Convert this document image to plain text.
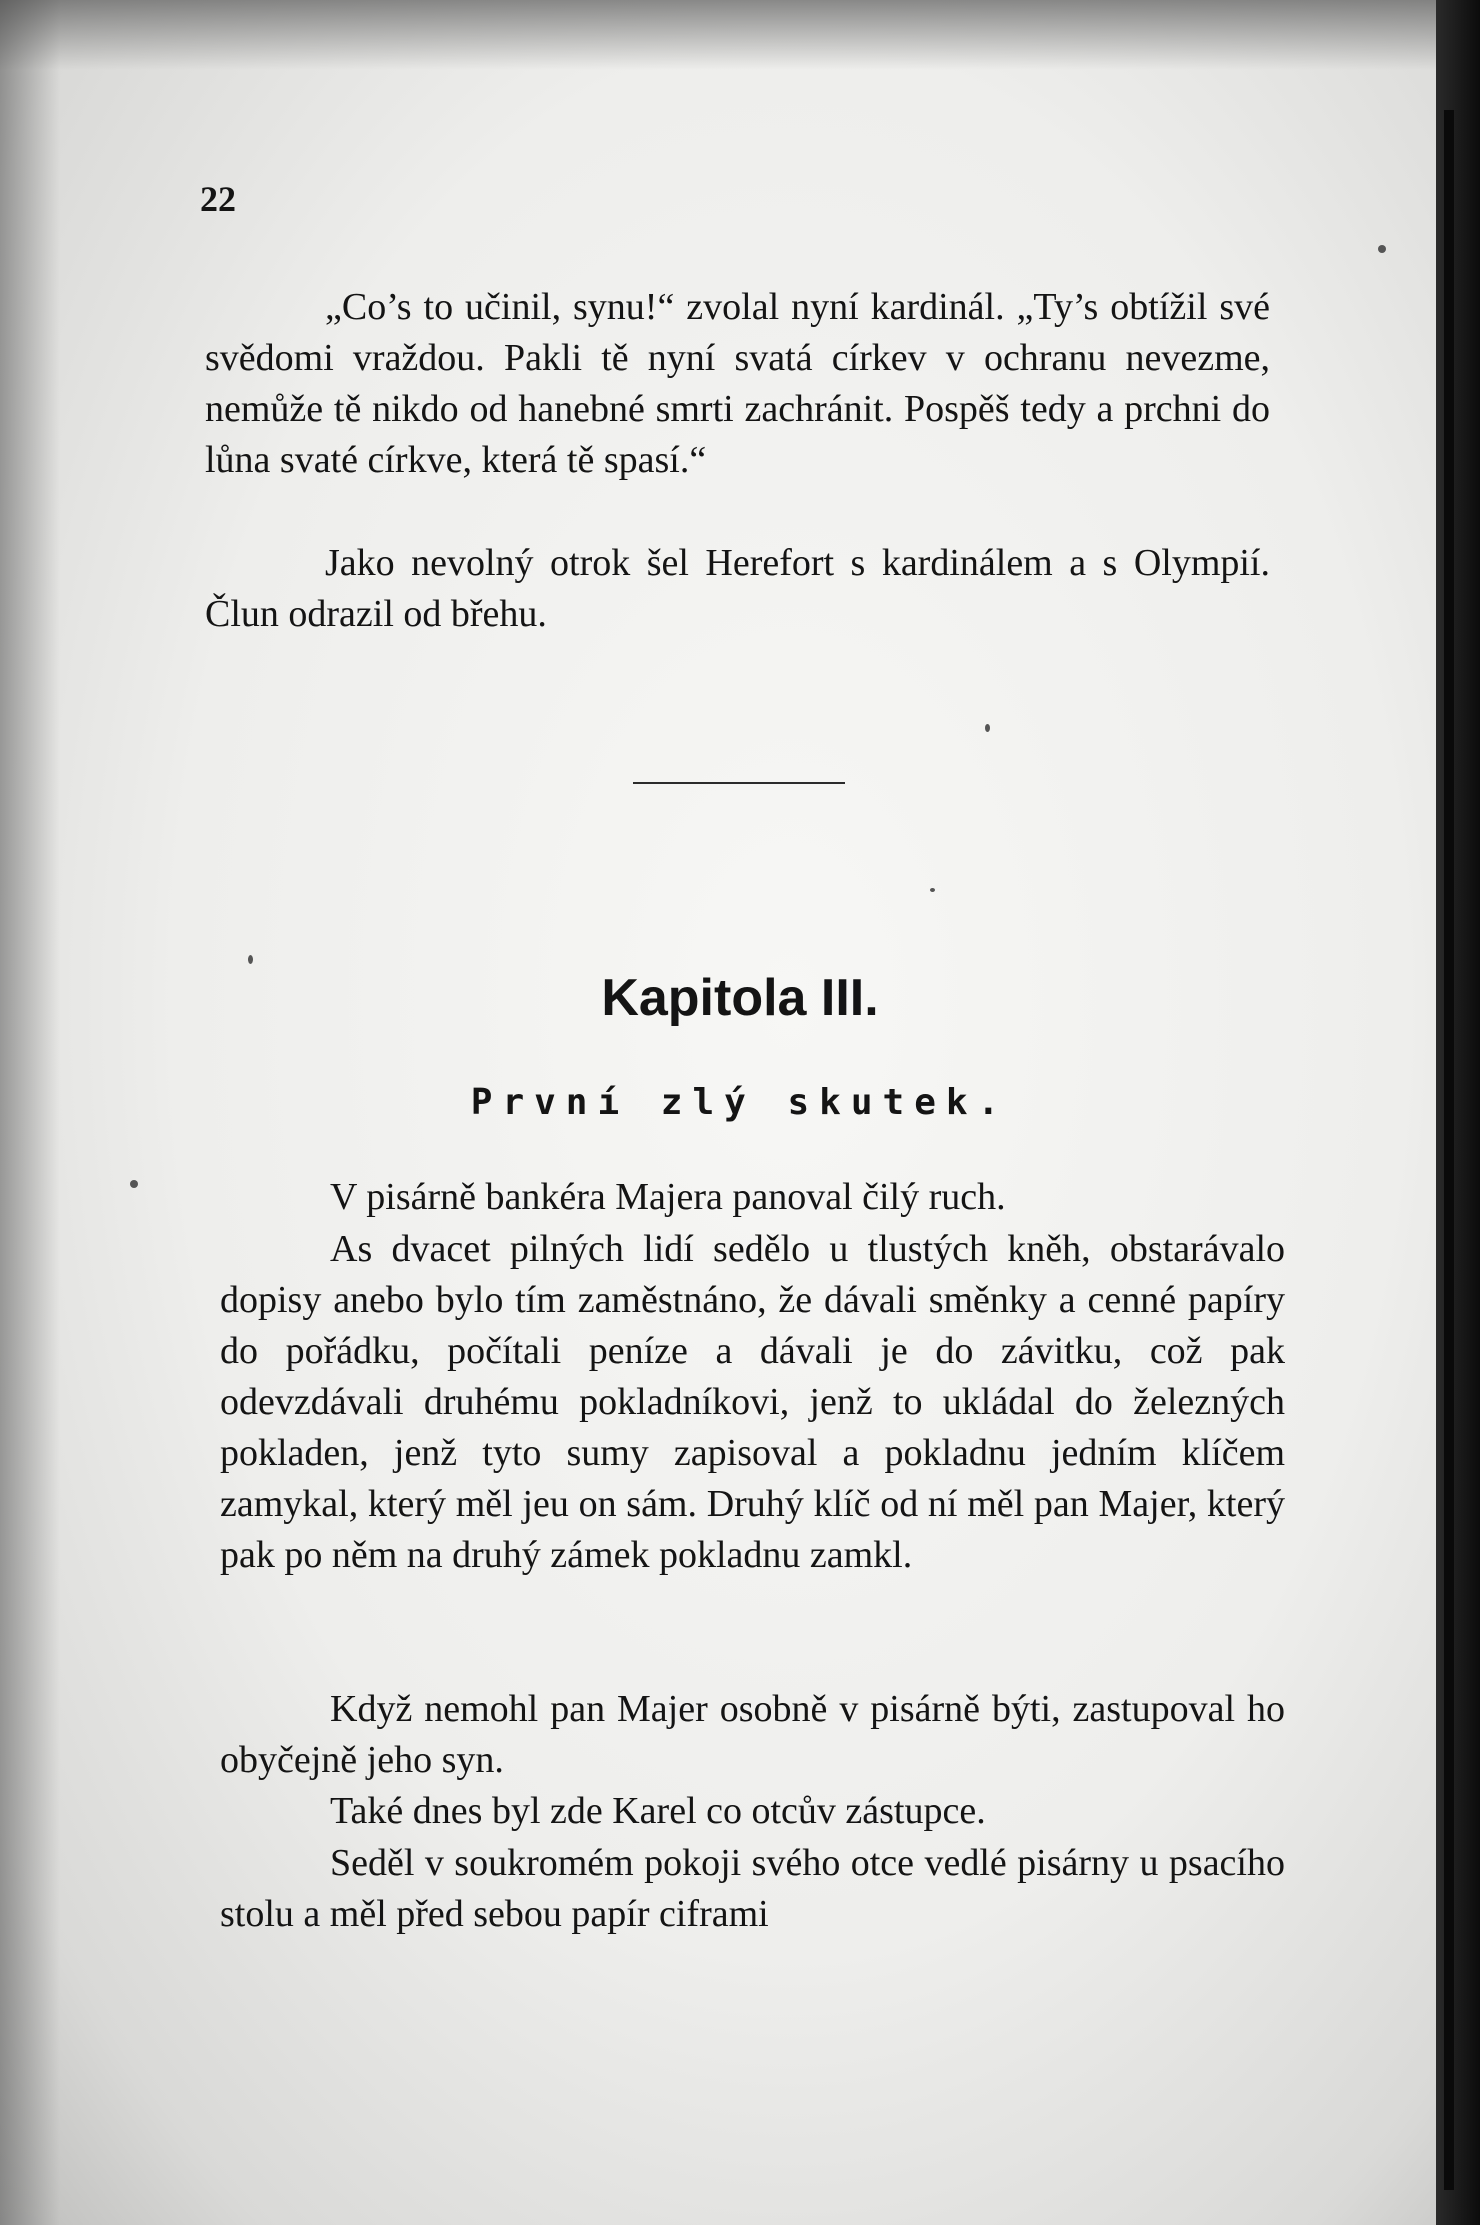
22

„Co’s to učinil, synu!“ zvolal nyní kardinál. „Ty’s obtížil své svědomi vraždou. Pakli tě nyní svatá církev v ochranu nevezme, nemůže tě nikdo od hanebné smrti zachránit. Pospěš tedy a prchni do lůna svaté církve, která tě spasí.“

Jako nevolný otrok šel Herefort s kardinálem a s Olympií. Člun odrazil od břehu.

Kapitola III.
První zlý skutek.

V pisárně bankéra Majera panoval čilý ruch.

As dvacet pilných lidí sedělo u tlustých kněh, obstarávalo dopisy anebo bylo tím zaměstnáno, že dávali směnky a cenné papíry do pořádku, počítali peníze a dávali je do závitku, což pak odevzdávali druhému pokladníkovi, jenž to ukládal do železných pokladen, jenž tyto sumy zapisoval a pokladnu jedním klíčem zamykal, který měl jeu on sám. Druhý klíč od ní měl pan Majer, který pak po něm na druhý zámek pokladnu zamkl.

Když nemohl pan Majer osobně v pisárně býti, zastupoval ho obyčejně jeho syn.

Také dnes byl zde Karel co otcův zástupce.

Seděl v soukromém pokoji svého otce vedlé pisárny u psacího stolu a měl před sebou papír ciframi
